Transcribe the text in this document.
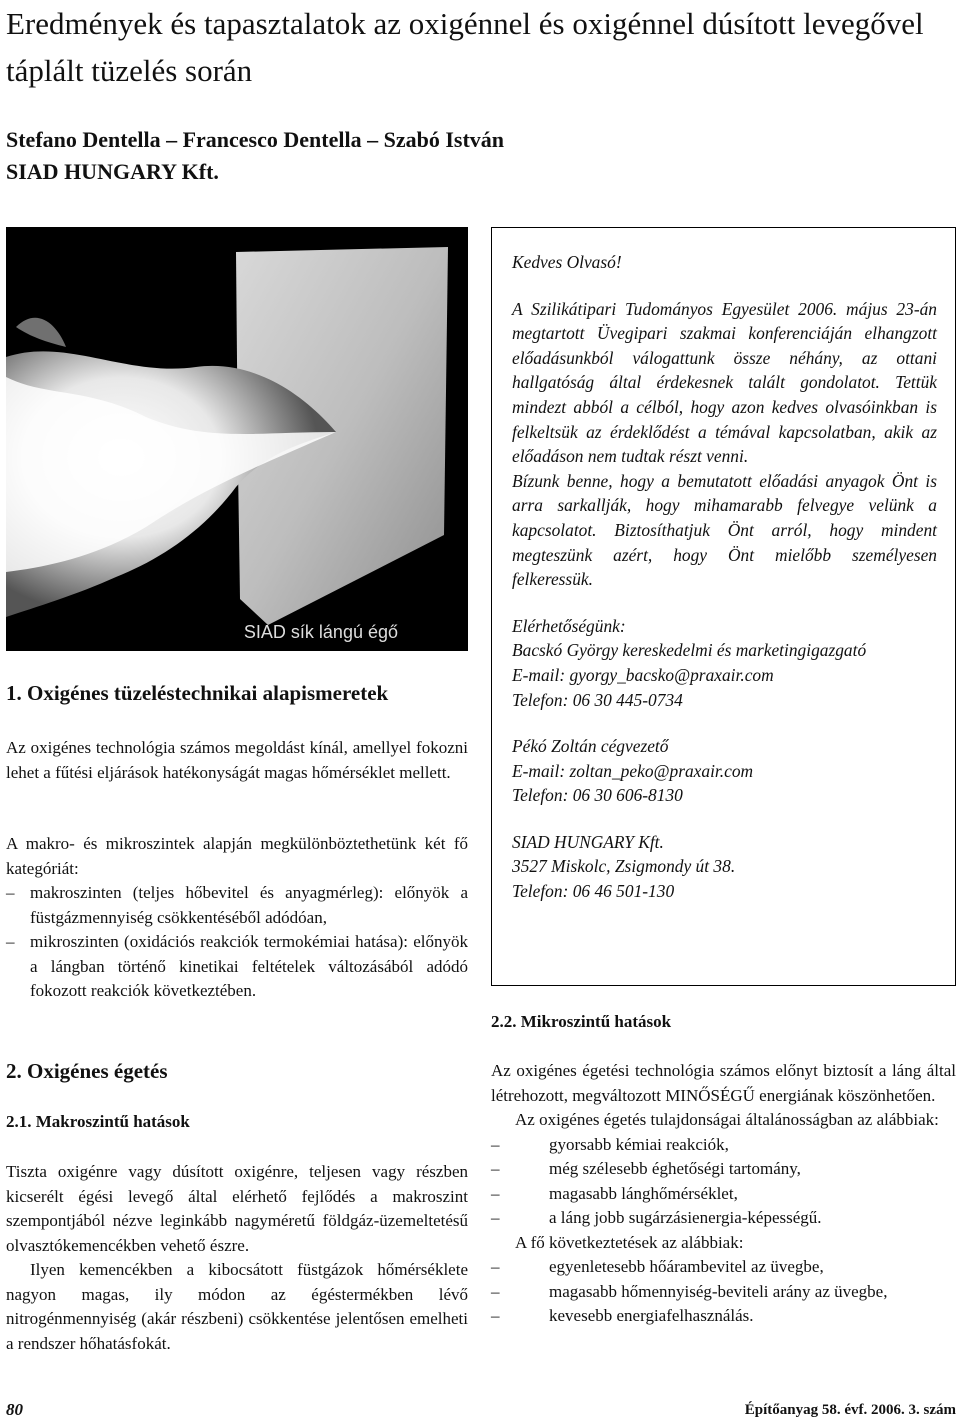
Eredmények és tapasztalatok az oxigénnel és oxigénnel dúsított levegővel táplált tüzelés során
Stefano Dentella – Francesco Dentella – Szabó István
SIAD HUNGARY Kft.
SIAD sík lángú égő

Kedves Olvasó!

A Szilikátipari Tudományos Egyesület 2006. május 23-án megtartott Üvegipari szakmai konferenciáján elhangzott előadásunkból válogattunk össze néhány, az ottani hallgatóság által érdekesnek talált gondolatot. Tettük mindezt abból a célból, hogy azon kedves olvasóinkban is felkeltsük az érdeklődést a témával kapcsolatban, akik az előadáson nem tudtak részt venni.

Bízunk benne, hogy a bemutatott előadási anyagok Önt is arra sarkallják, hogy mihamarabb felvegye velünk a kapcsolatot. Biztosíthatjuk Önt arról, hogy mindent megteszünk azért, hogy Önt mielőbb személyesen felkeressük.

Elérhetőségünk:

Bacskó György kereskedelmi és marketingigazgató

E-mail: gyorgy_bacsko@praxair.com

Telefon: 06 30 445-0734

Pékó Zoltán cégvezető

E-mail: zoltan_peko@praxair.com

Telefon: 06 30 606-8130

SIAD HUNGARY Kft.

3527 Miskolc, Zsigmondy út 38.

Telefon: 06 46 501-130

1. Oxigénes tüzeléstechnikai alapismeretek

Az oxigénes technológia számos megoldást kínál, amellyel fokozni lehet a fűtési eljárások hatékonyságát magas hőmérséklet mellett.

A makro- és mikroszintek alapján megkülönböztethetünk két fő kategóriát:

– makroszinten (teljes hőbevitel és anyagmérleg): előnyök a füstgázmennyiség csökkentéséből adódóan,
– mikroszinten (oxidációs reakciók termokémiai hatása): előnyök a lángban történő kinetikai feltételek változásából adódó fokozott reakciók következtében.
2. Oxigénes égetés
2.1. Makroszintű hatások

Tiszta oxigénre vagy dúsított oxigénre, teljesen vagy részben kicserélt égési levegő által elérhető fejlődés a makroszint szempontjából nézve leginkább nagyméretű földgáz-üzemeltetésű olvasztókemencékben vehető észre.

Ilyen kemencékben a kibocsátott füstgázok hőmérséklete nagyon magas, ily módon az égéstermékben lévő nitrogénmennyiség (akár részbeni) csökkentése jelentősen emelheti a rendszer hőhatásfokát.

2.2. Mikroszintű hatások

Az oxigénes égetési technológia számos előnyt biztosít a láng által létrehozott, megváltozott MINŐSÉGŰ energiának köszönhetően.

Az oxigénes égetés tulajdonságai általánosságban az alábbiak:

–	gyorsabb kémiai reakciók,
–	még szélesebb éghetőségi tartomány,
–	magasabb lánghőmérséklet,
–	a láng jobb sugárzásienergia-képességű.

A fő következtetések az alábbiak:

–	egyenletesebb hőárambevitel az üvegbe,
–	magasabb hőmennyiség-beviteli arány az üvegbe,
–	kevesebb energiafelhasználás.
80	Építőanyag 58. évf. 2006. 3. szám
